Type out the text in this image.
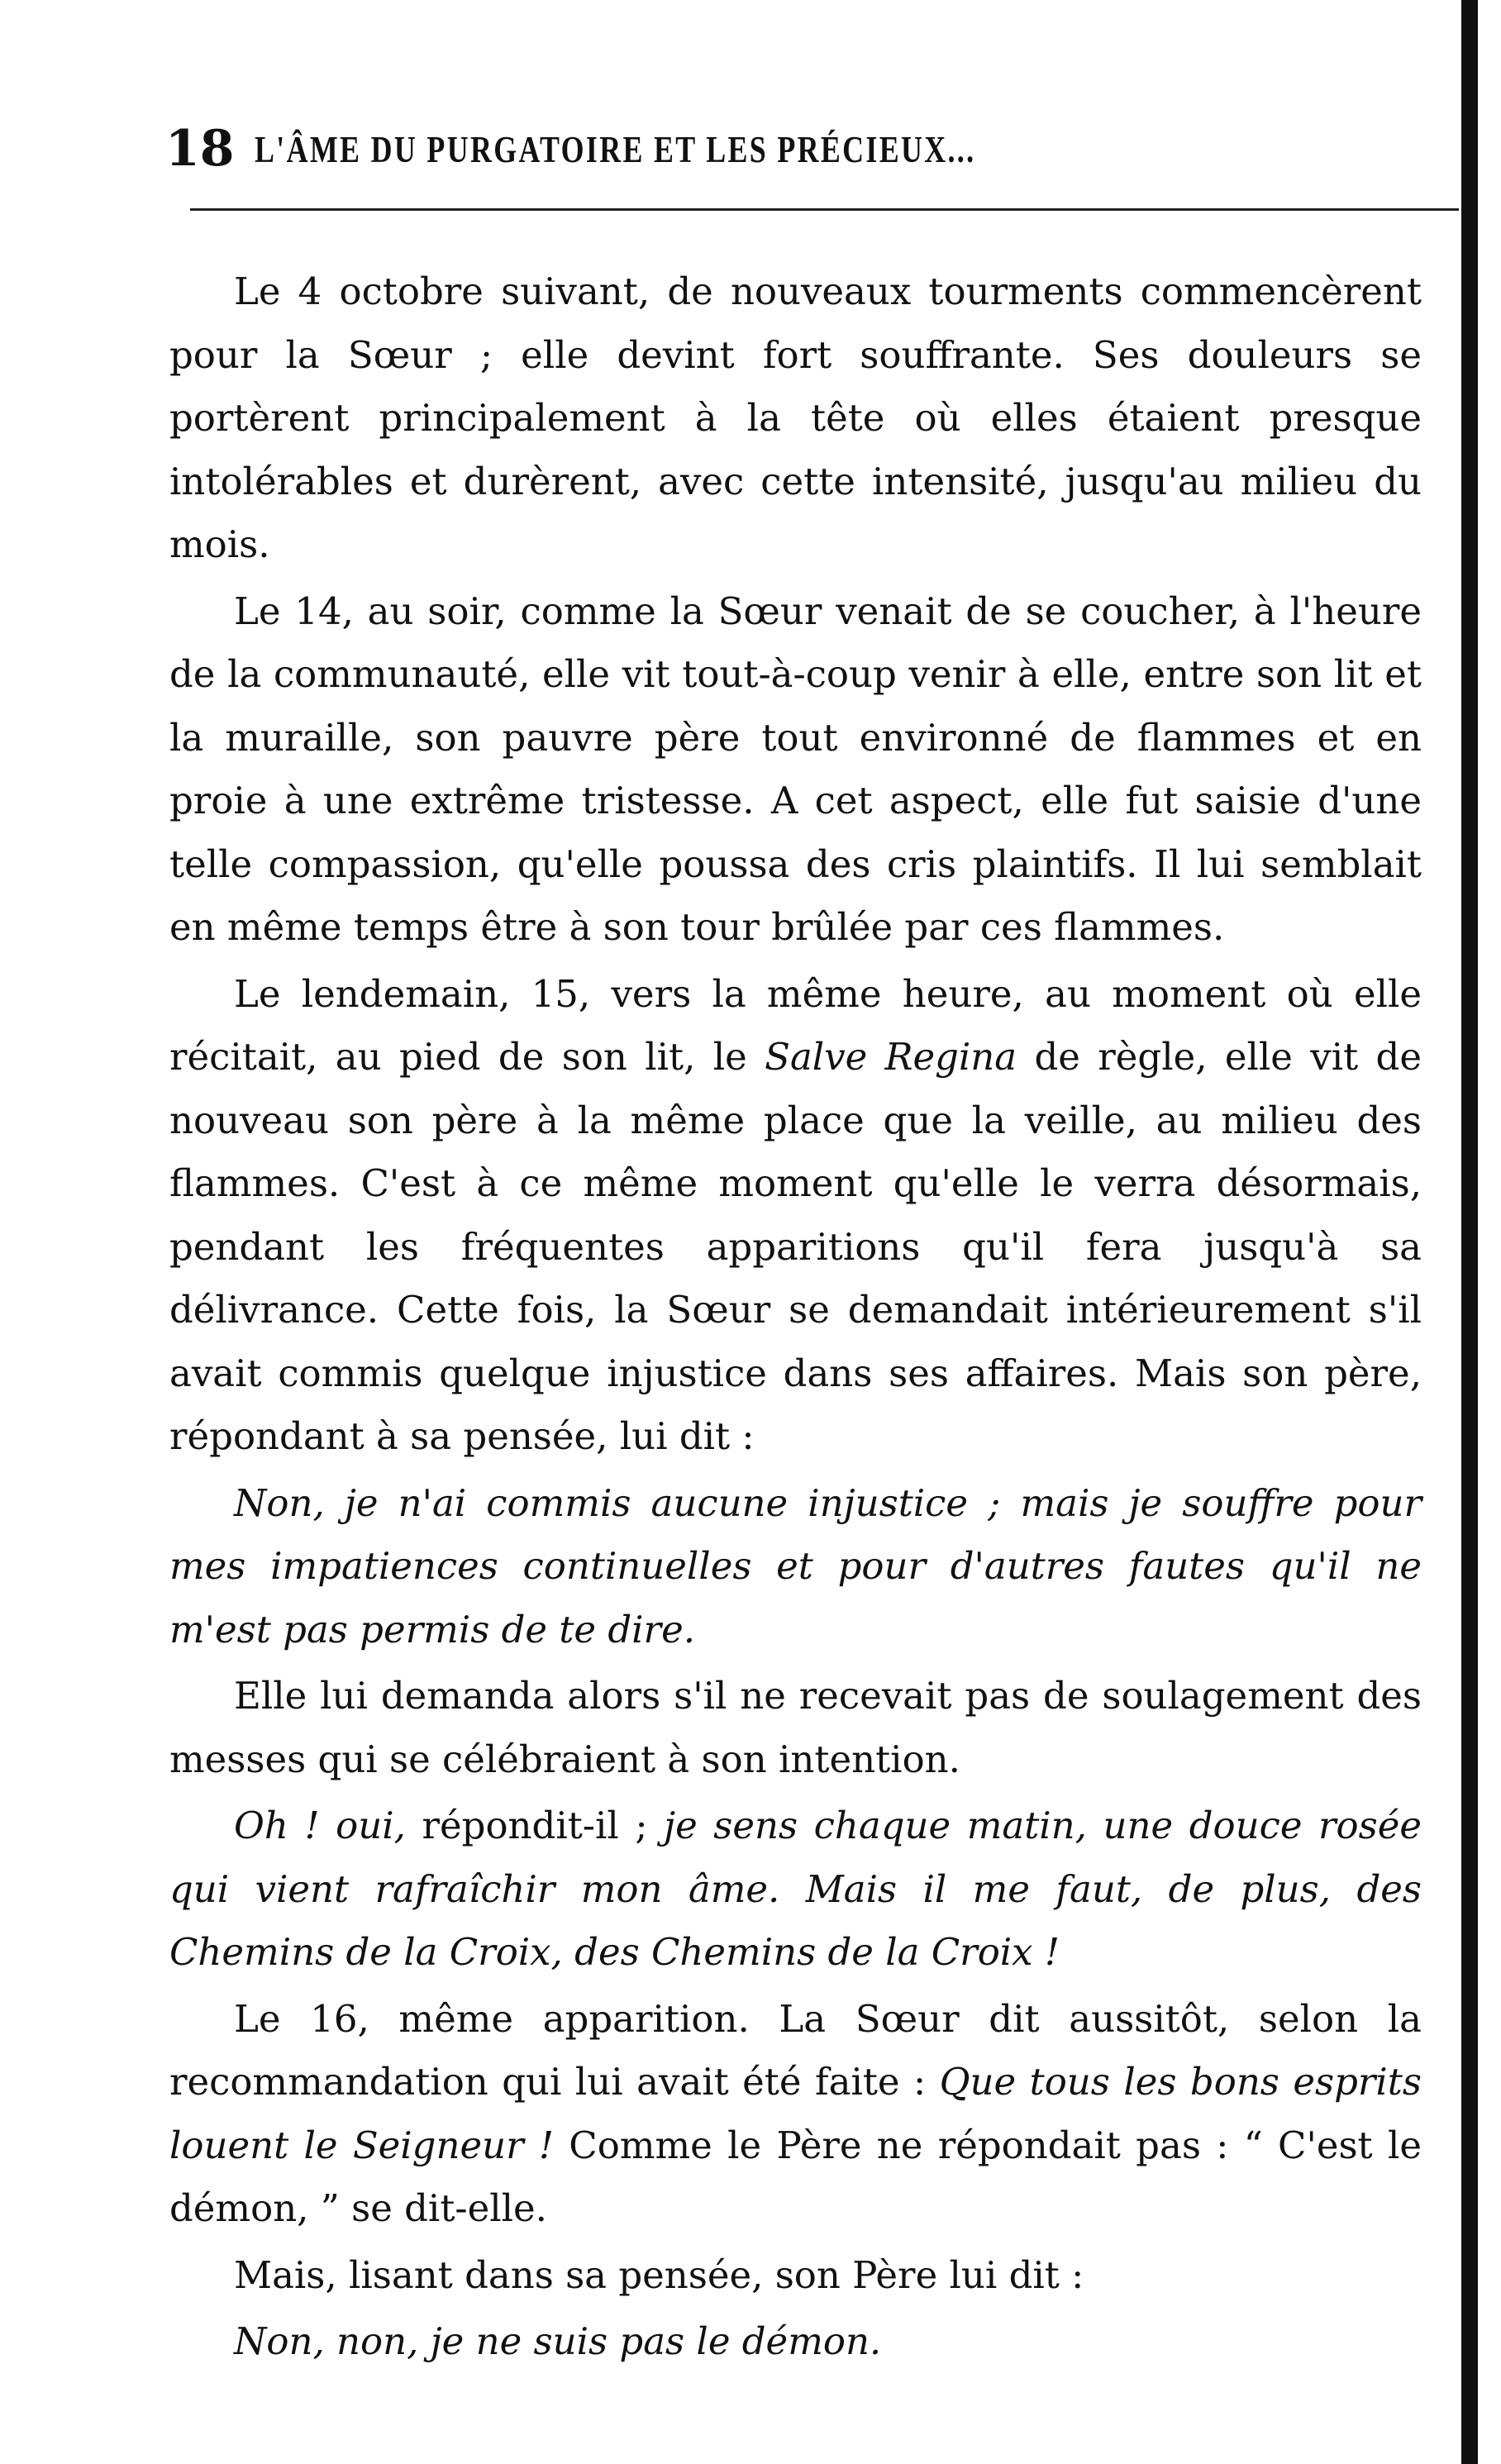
18 L'ÂME DU PURGATOIRE ET LES PRÉCIEUX...

Le 4 octobre suivant, de nouveaux tourments commencèrent pour la Sœur ; elle devint fort souffrante. Ses douleurs se portèrent principalement à la tête où elles étaient presque intolérables et durèrent, avec cette intensité, jusqu'au milieu du mois.

Le 14, au soir, comme la Sœur venait de se coucher, à l'heure de la communauté, elle vit tout-à-coup venir à elle, entre son lit et la muraille, son pauvre père tout environné de flammes et en proie à une extrême tristesse. A cet aspect, elle fut saisie d'une telle compassion, qu'elle poussa des cris plaintifs. Il lui semblait en même temps être à son tour brûlée par ces flammes.

Le lendemain, 15, vers la même heure, au moment où elle récitait, au pied de son lit, le Salve Regina de règle, elle vit de nouveau son père à la même place que la veille, au milieu des flammes. C'est à ce même moment qu'elle le verra désormais, pendant les fréquentes apparitions qu'il fera jusqu'à sa délivrance. Cette fois, la Sœur se demandait intérieurement s'il avait commis quelque injustice dans ses affaires. Mais son père, répondant à sa pensée, lui dit :

Non, je n'ai commis aucune injustice ; mais je souffre pour mes impatiences continuelles et pour d'autres fautes qu'il ne m'est pas permis de te dire.

Elle lui demanda alors s'il ne recevait pas de soulagement des messes qui se célébraient à son intention.

Oh ! oui, répondit-il ; je sens chaque matin, une douce rosée qui vient rafraîchir mon âme. Mais il me faut, de plus, des Chemins de la Croix, des Chemins de la Croix !

Le 16, même apparition. La Sœur dit aussitôt, selon la recommandation qui lui avait été faite : Que tous les bons esprits louent le Seigneur ! Comme le Père ne répondait pas : “ C'est le démon, ” se dit-elle.

Mais, lisant dans sa pensée, son Père lui dit :

Non, non, je ne suis pas le démon.
